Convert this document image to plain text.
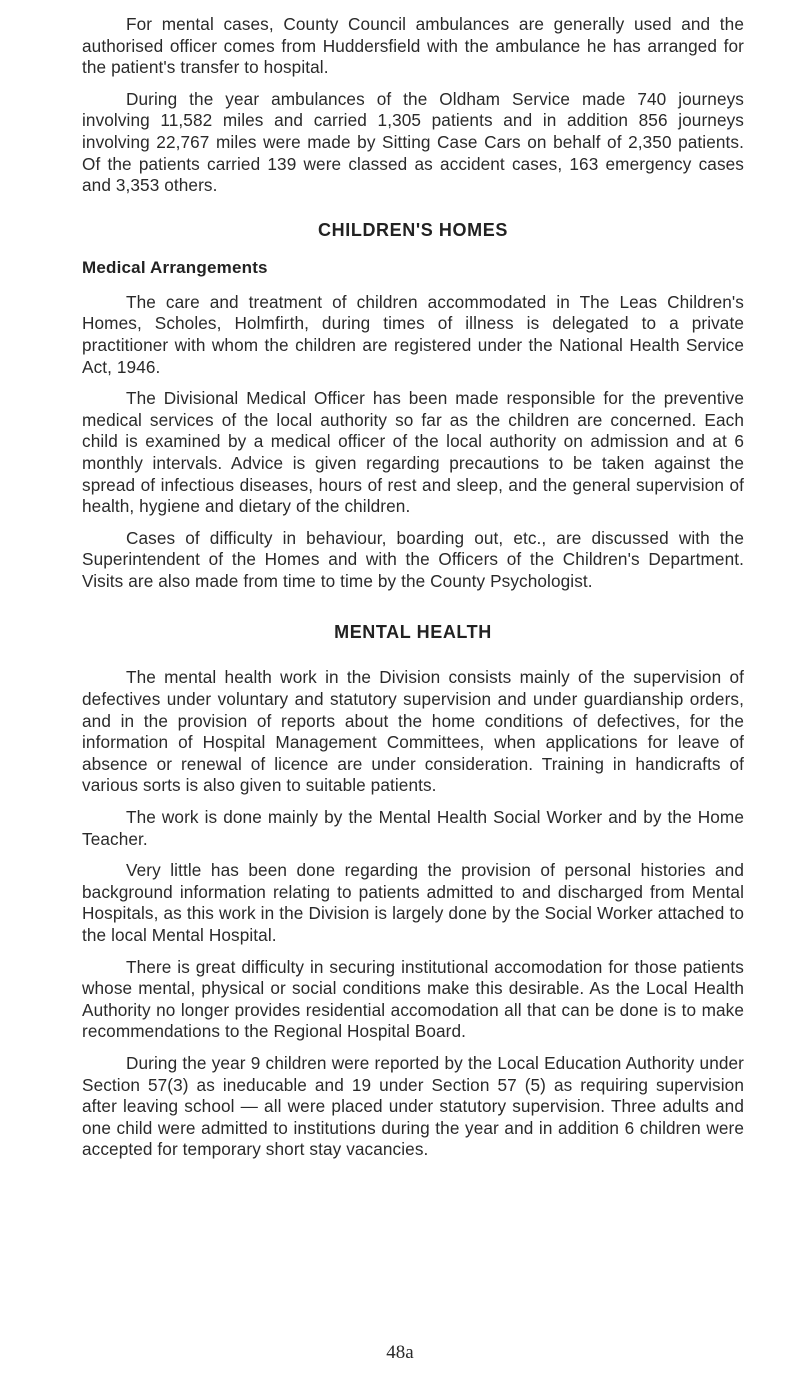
For mental cases, County Council ambulances are generally used and the authorised officer comes from Huddersfield with the ambulance he has arranged for the patient's transfer to hospital.

During the year ambulances of the Oldham Service made 740 journeys involving 11,582 miles and carried 1,305 patients and in addition 856 journeys involving 22,767 miles were made by Sitting Case Cars on behalf of 2,350 patients. Of the patients carried 139 were classed as accident cases, 163 emergency cases and 3,353 others.

CHILDREN'S HOMES
Medical Arrangements

The care and treatment of children accommodated in The Leas Children's Homes, Scholes, Holmfirth, during times of illness is delegated to a private practitioner with whom the children are registered under the National Health Service Act, 1946.

The Divisional Medical Officer has been made responsible for the preventive medical services of the local authority so far as the children are concerned. Each child is examined by a medical officer of the local authority on admission and at 6 monthly intervals. Advice is given regarding precautions to be taken against the spread of infectious diseases, hours of rest and sleep, and the general supervision of health, hygiene and dietary of the children.

Cases of difficulty in behaviour, boarding out, etc., are discussed with the Superintendent of the Homes and with the Officers of the Children's Department. Visits are also made from time to time by the County Psychologist.

MENTAL HEALTH

The mental health work in the Division consists mainly of the supervision of defectives under voluntary and statutory supervision and under guardianship orders, and in the provision of reports about the home conditions of defectives, for the information of Hospital Management Committees, when applications for leave of absence or renewal of licence are under consideration. Training in handicrafts of various sorts is also given to suitable patients.

The work is done mainly by the Mental Health Social Worker and by the Home Teacher.

Very little has been done regarding the provision of personal histories and background information relating to patients admitted to and discharged from Mental Hospitals, as this work in the Division is largely done by the Social Worker attached to the local Mental Hospital.

There is great difficulty in securing institutional accomodation for those patients whose mental, physical or social conditions make this desirable. As the Local Health Authority no longer provides residential accomodation all that can be done is to make recommendations to the Regional Hospital Board.

During the year 9 children were reported by the Local Education Authority under Section 57(3) as ineducable and 19 under Section 57 (5) as requiring supervision after leaving school — all were placed under statutory supervision. Three adults and one child were admitted to institutions during the year and in addition 6 children were accepted for temporary short stay vacancies.

48a
